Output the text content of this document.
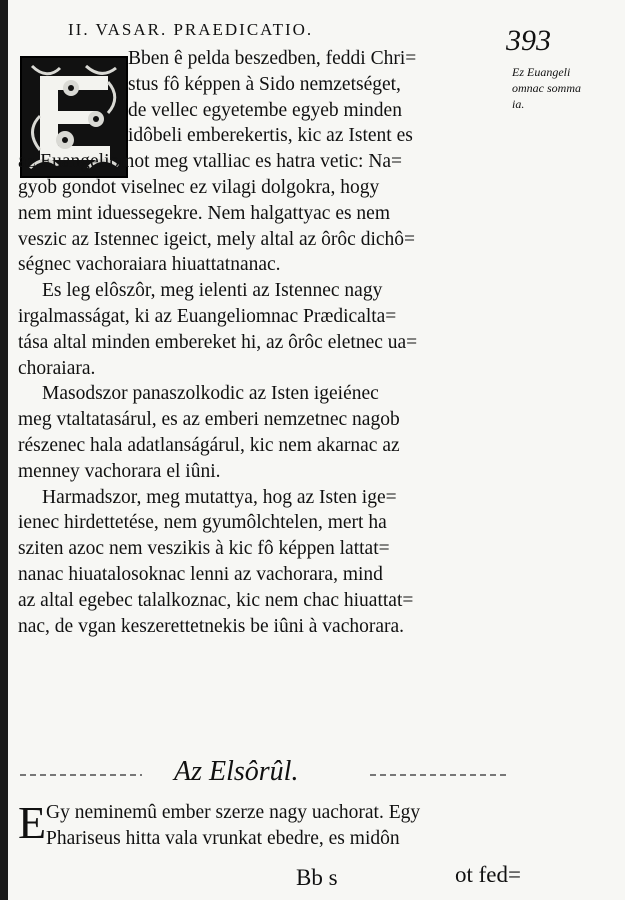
II. VASAR. PRAEDICATIO.	393
Ez Euangeli
omnac somma
ia.
Bben ê pelda beszedben, feddi Chri=
stus fô képpen à Sido nemzetséget,
de vellec egyetembe egyeb minden
idôbeli emberekertis, kic az Istent es
az Euangeliomot meg vtalliac es hatra vetic: Na=
gyob gondot viselnec ez vilagi dolgokra, hogy
nem mint iduessegekre. Nem halgattyac es nem
veszic az Istennec igeict, mely altal az ôrôc dichô=
ségnec vachoraiara hiuattatnanac.
Es leg elôszôr, meg ielenti az Istennec nagy
irgalmasságat, ki az Euangeliomnac Prædicalta=
tása altal minden embereket hi, az ôrôc eletnec ua=
choraiara.
Masodszor panaszolkodic az Isten igeiénec
meg vtaltatasárul, es az emberi nemzetnec nagob
részenec hala adatlanságárul, kic nem akarnac az
menney vachorara el iûni.
Harmadszor, meg mutattya, hog az Isten ige=
ienec hirdettetése, nem gyumôlchtelen, mert ha
sziten azoc nem veszikis à kic fô képpen lattat=
nanac hiuatalosoknac lenni az vachorara, mind
az altal egebec talalkoznac, kic nem chac hiuattat=
nac, de vgan keszerettetnekis be iûni à vachorara.
Az Elsôrûl.
E Gy neminemû ember szerze nagy uachorat. Egy
Phariseus hitta vala vrunkat ebedre, es midôn
Bb s	ot fed=
